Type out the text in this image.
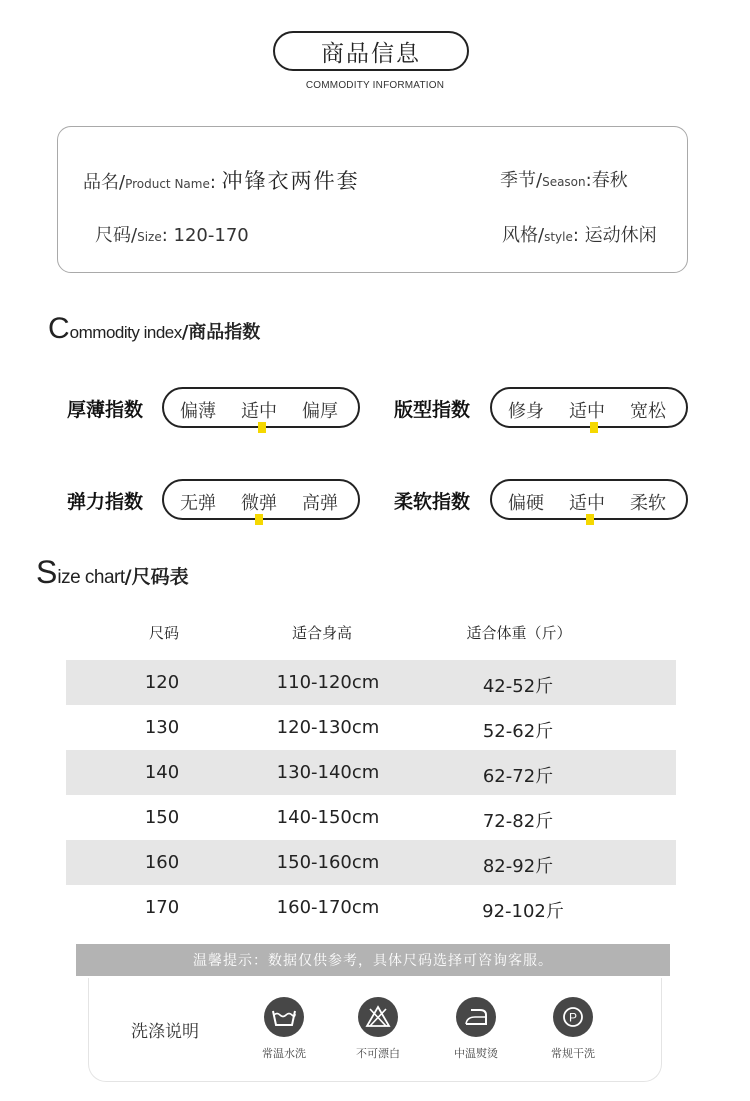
商品信息
COMMODITY INFORMATION
品名/Product Name: 冲锋衣两件套	季节/Season:春秋
尺码/Size: 120-170	风格/style: 运动休闲
Commodity index/商品指数
厚薄指数 偏薄 适中 偏厚	版型指数 修身 适中 宽松
弹力指数 无弹 微弹 高弹	柔软指数 偏硬 适中 柔软
Size chart/尺码表
尺码	适合身高	适合体重（斤）
120	110-120cm	42-52斤
130	120-130cm	52-62斤
140	130-140cm	62-72斤
150	140-150cm	72-82斤
160	150-160cm	82-92斤
170	160-170cm	92-102斤
温馨提示：数据仅供参考，具体尺码选择可咨询客服。
洗涤说明
常温水洗	不可漂白	中温熨烫
P
常规干洗
